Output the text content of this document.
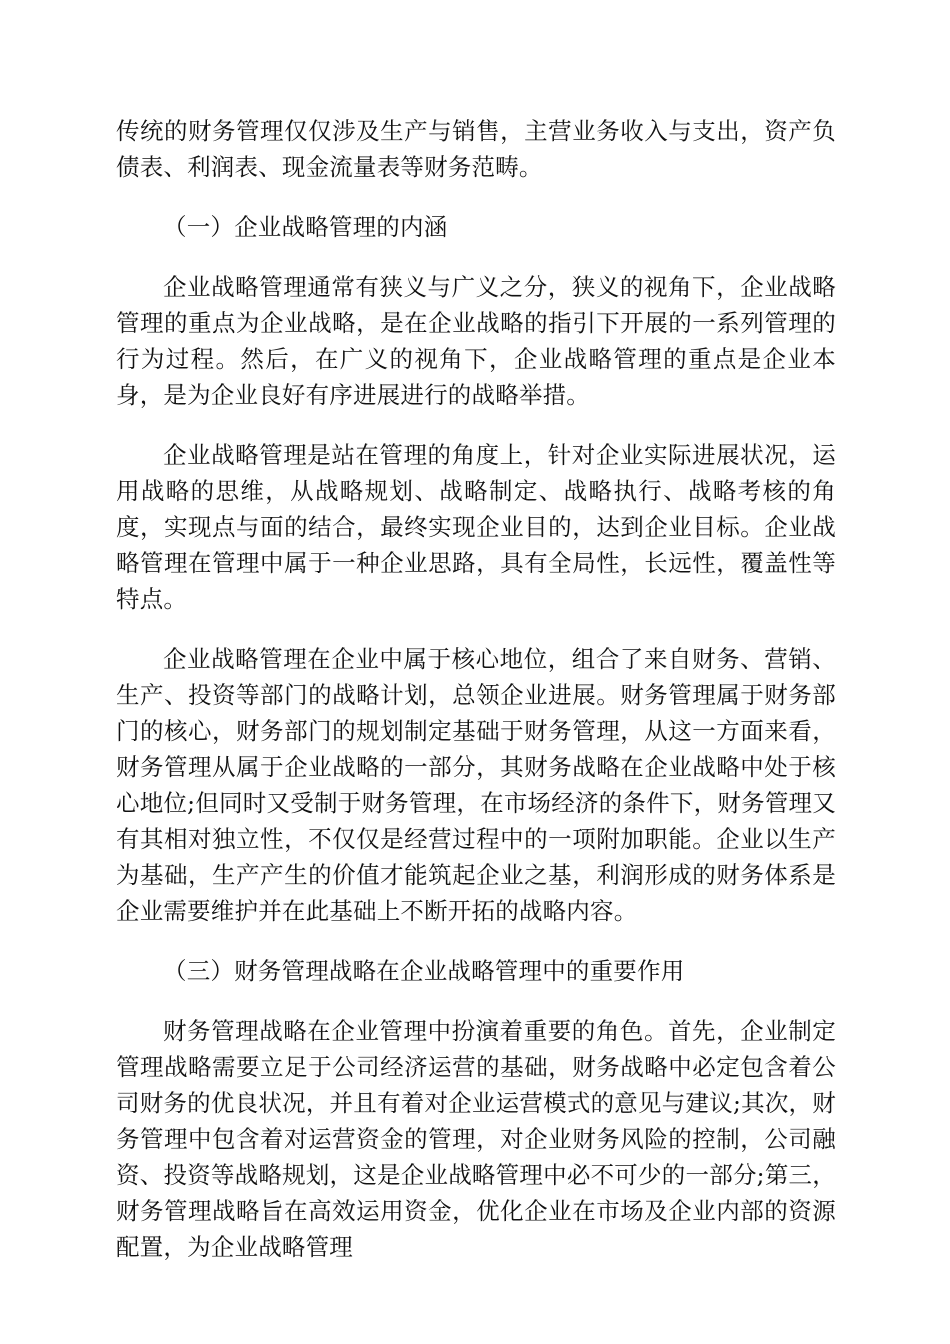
传统的财务管理仅仅涉及生产与销售，主营业务收入与支出，资产负债表、利润表、现金流量表等财务范畴。

（一）企业战略管理的内涵

企业战略管理通常有狭义与广义之分，狭义的视角下，企业战略管理的重点为企业战略，是在企业战略的指引下开展的一系列管理的行为过程。然后，在广义的视角下，企业战略管理的重点是企业本身，是为企业良好有序进展进行的战略举措。

企业战略管理是站在管理的角度上，针对企业实际进展状况，运用战略的思维，从战略规划、战略制定、战略执行、战略考核的角度，实现点与面的结合，最终实现企业目的，达到企业目标。企业战略管理在管理中属于一种企业思路，具有全局性，长远性，覆盖性等特点。

企业战略管理在企业中属于核心地位，组合了来自财务、营销、生产、投资等部门的战略计划，总领企业进展。财务管理属于财务部门的核心，财务部门的规划制定基础于财务管理，从这一方面来看，财务管理从属于企业战略的一部分，其财务战略在企业战略中处于核心地位;但同时又受制于财务管理，在市场经济的条件下，财务管理又有其相对独立性，不仅仅是经营过程中的一项附加职能。企业以生产为基础，生产产生的价值才能筑起企业之基，利润形成的财务体系是企业需要维护并在此基础上不断开拓的战略内容。

（三）财务管理战略在企业战略管理中的重要作用

财务管理战略在企业管理中扮演着重要的角色。首先，企业制定管理战略需要立足于公司经济运营的基础，财务战略中必定包含着公司财务的优良状况，并且有着对企业运营模式的意见与建议;其次，财务管理中包含着对运营资金的管理，对企业财务风险的控制，公司融资、投资等战略规划，这是企业战略管理中必不可少的一部分;第三，财务管理战略旨在高效运用资金，优化企业在市场及企业内部的资源配置，为企业战略管理
